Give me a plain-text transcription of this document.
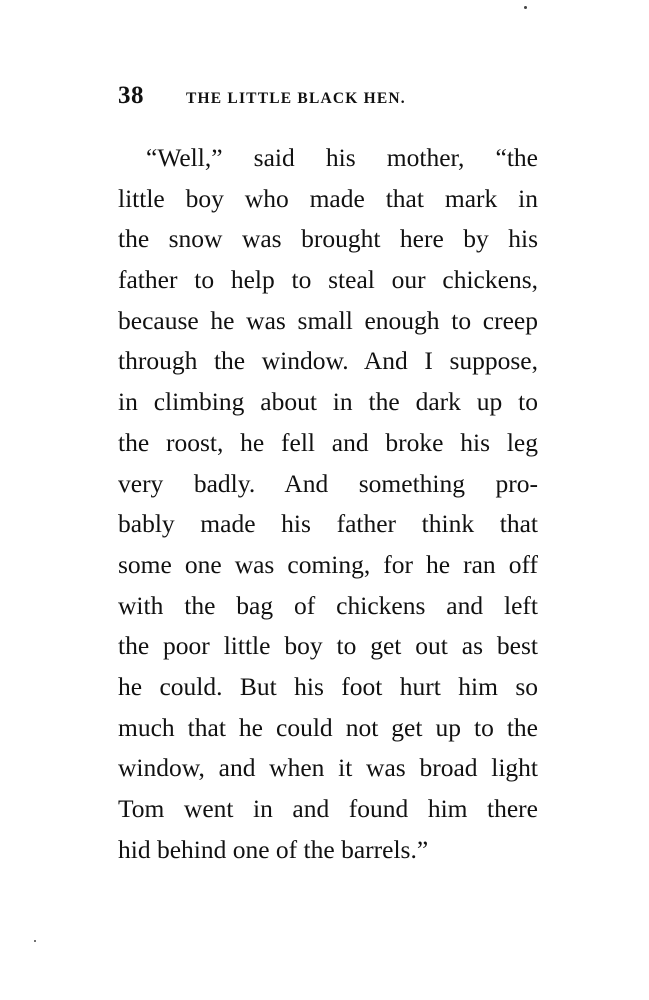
38	THE LITTLE BLACK HEN.
“Well,” said his mother, “the
little boy who made that mark in
the snow was brought here by his
father to help to steal our chickens,
because he was small enough to creep
through the window. And I suppose,
in climbing about in the dark up to
the roost, he fell and broke his leg
very badly. And something pro-
bably made his father think that
some one was coming, for he ran off
with the bag of chickens and left
the poor little boy to get out as best
he could. But his foot hurt him so
much that he could not get up to the
window, and when it was broad light
Tom went in and found him there
hid behind one of the barrels.”
